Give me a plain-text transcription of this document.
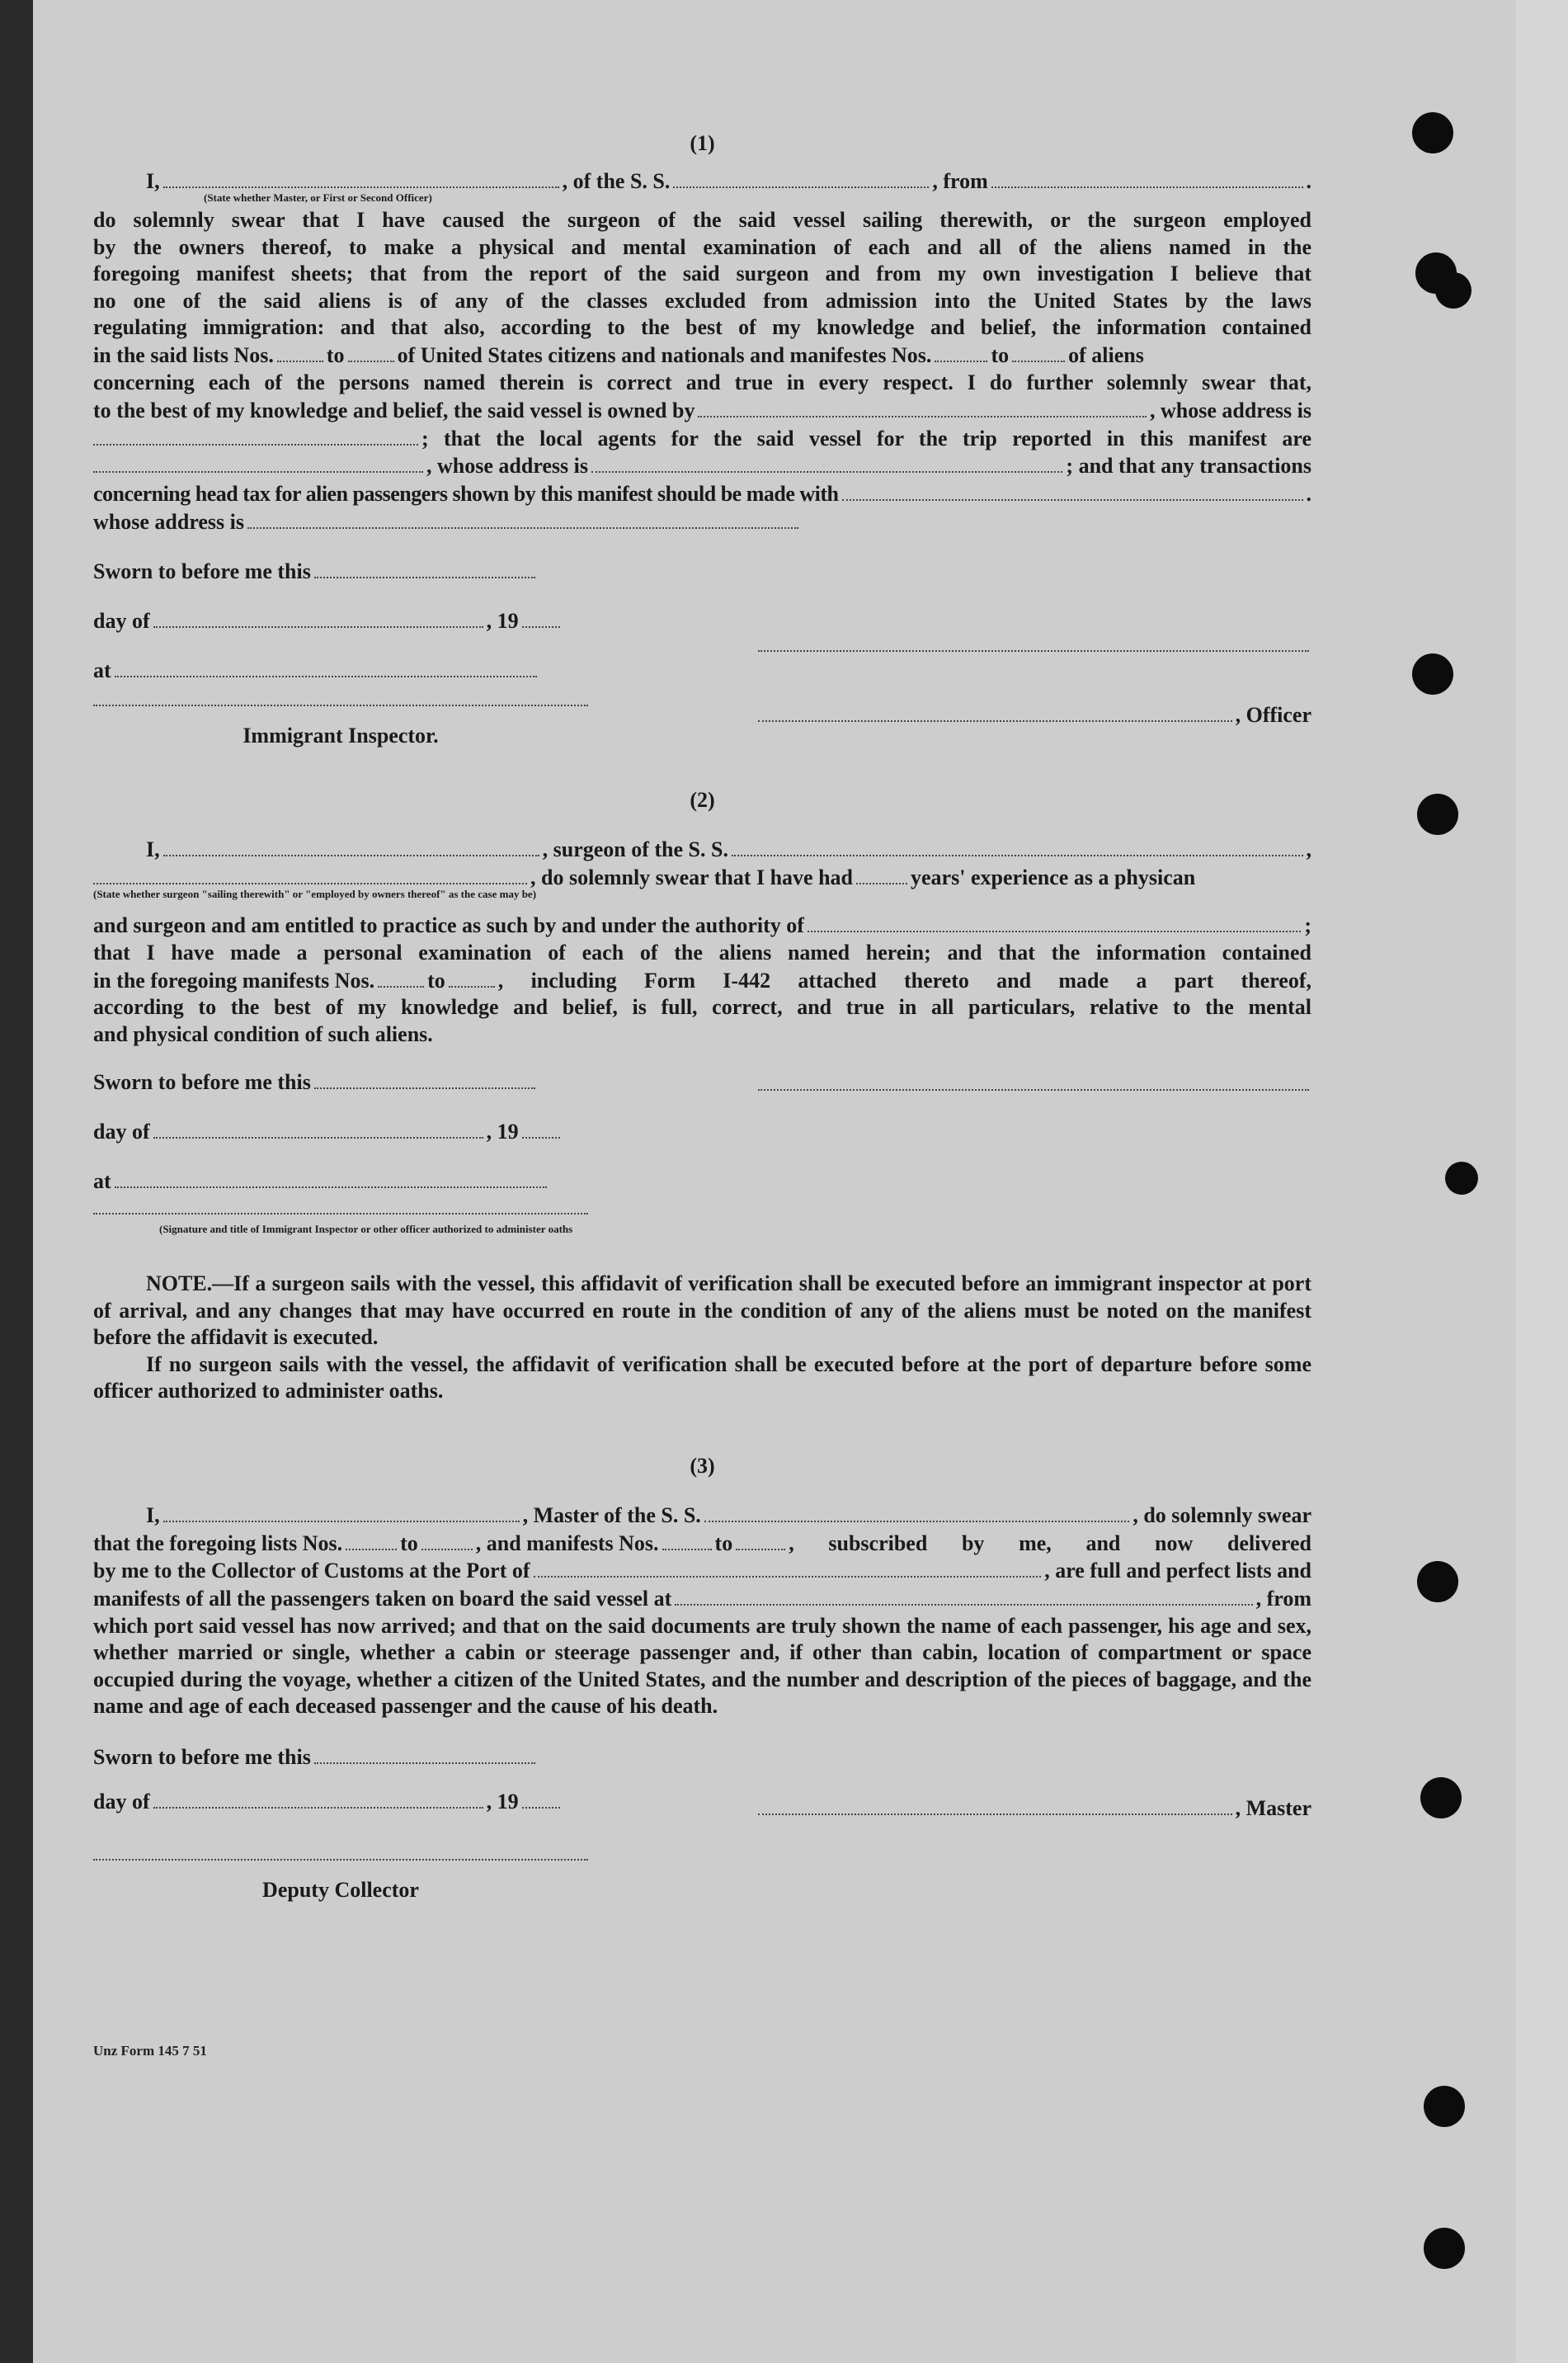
(1)

I,	, of the S. S.	, from	.
(State whether Master, or First or Second Officer)

do solemnly swear that I have caused the surgeon of the said vessel sailing therewith, or the surgeon employed

by the owners thereof, to make a physical and mental examination of each and all of the aliens named in the

foregoing manifest sheets; that from the report of the said surgeon and from my own investigation I believe that

no one of the said aliens is of any of the classes excluded from admission into the United States by the laws

regulating immigration: and that also, according to the best of my knowledge and belief, the information contained

in the said lists Nos. to of United States citizens and nationals and manifestes Nos.	to	of aliens

concerning each of the persons named therein is correct and true in every respect. I do further solemnly swear that,

to the best of my knowledge and belief, the said vessel is owned by	, whose address is
; that the local agents for the said vessel for the trip reported in this manifest are
, whose address is	; and that any transactions
concerning head tax for alien passengers shown by this manifest should be made with	.
whose address is
Sworn to before me this
day of	, 19
at
, Officer
Immigrant Inspector.

(2)

I,	, surgeon of the S. S.	,
, do solemnly swear that I have had	years' experience as a physican
(State whether surgeon "sailing therewith" or "employed by owners thereof" as the case may be)
and surgeon and am entitled to practice as such by and under the authority of	;

that I have made a personal examination of each of the aliens named herein; and that the information contained

in the foregoing manifests Nos. to , including Form I-442 attached thereto and made a part thereof,

according to the best of my knowledge and belief, is full, correct, and true in all particulars, relative to the mental

and physical condition of such aliens.

Sworn to before me this
day of	, 19
at
(Signature and title of Immigrant Inspector or other officer authorized to administer oaths

NOTE.—If a surgeon sails with the vessel, this affidavit of verification shall be executed before an immigrant inspector at port of arrival, and any changes that may have occurred en route in the condition of any of the aliens must be noted on the manifest before the affidavit is executed.

If no surgeon sails with the vessel, the affidavit of verification shall be executed before at the port of departure before some officer authorized to administer oaths.

(3)

I,	, Master of the S. S.	, do solemnly swear
that the foregoing lists Nos.	to	, and manifests Nos.	to	, subscribed by me, and now delivered
by me to the Collector of Customs at the Port of	, are full and perfect lists and
manifests of all the passengers taken on board the said vessel at	, from

which port said vessel has now arrived; and that on the said documents are truly shown the name of each passenger, his age and sex, whether married or single, whether a cabin or steerage passenger and, if other than cabin, location of compartment or space occupied during the voyage, whether a citizen of the United States, and the number and description of the pieces of baggage, and the name and age of each deceased passenger and the cause of his death.

Sworn to before me this
day of	, 19	, Master
Deputy Collector
Unz Form 145 7 51
